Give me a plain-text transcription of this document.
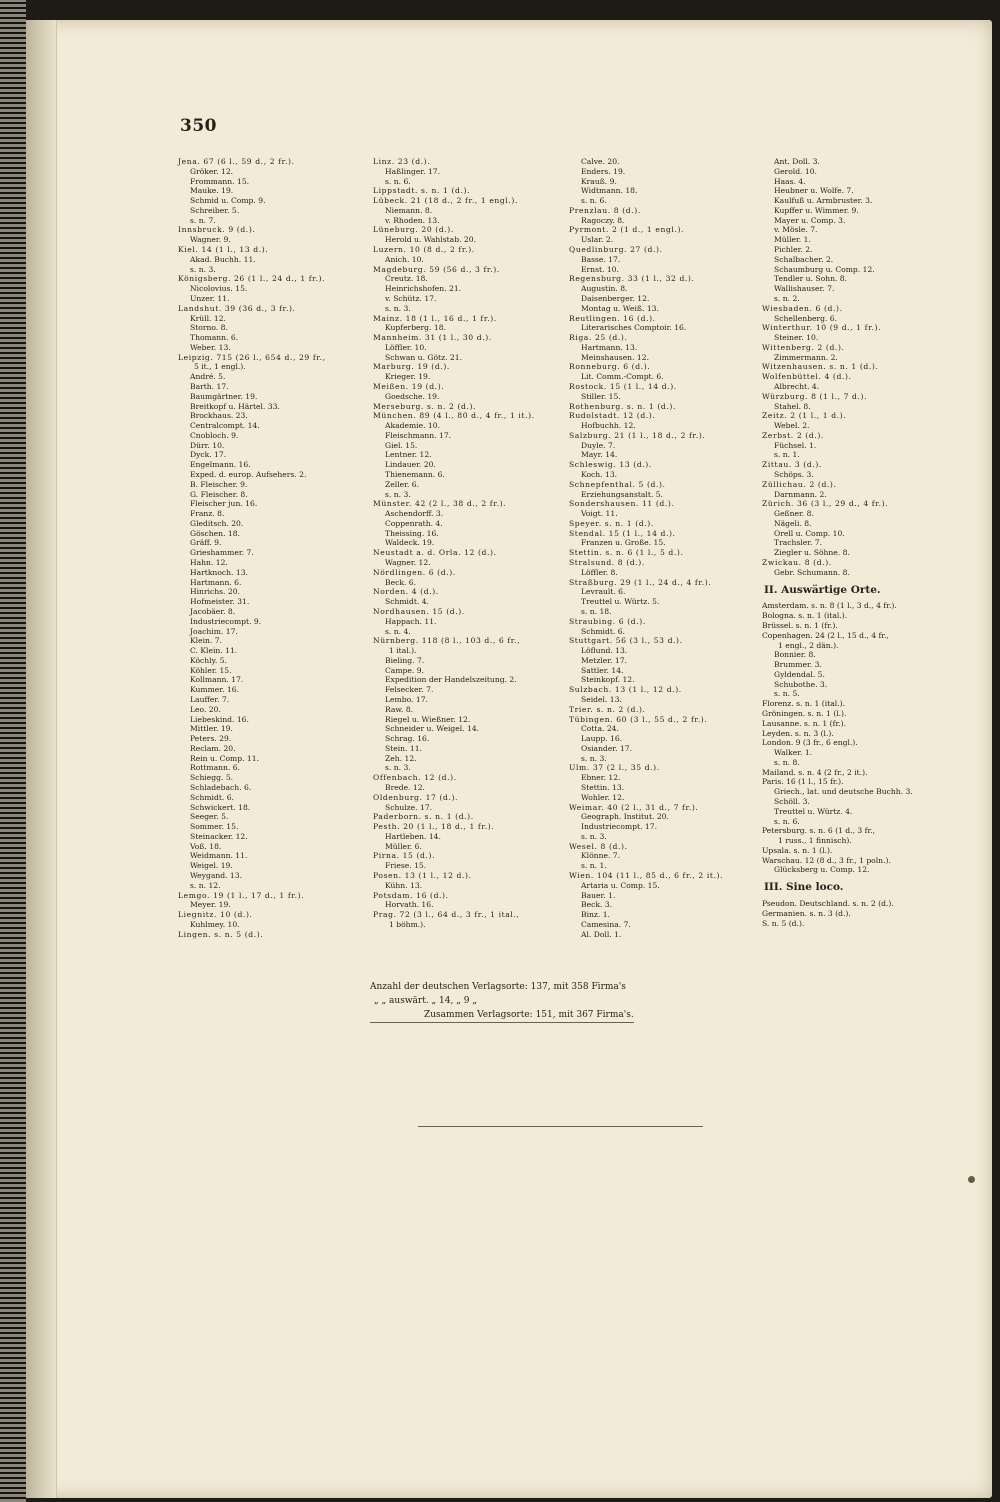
350
Jena. 67 (6 l., 59 d., 2 fr.).
Gröker. 12.
Frommann. 15.
Mauke. 19.
Schmid u. Comp. 9.
Schreiber. 5.
s. n. 7.
Innsbruck. 9 (d.).
Wagner. 9.
Kiel. 14 (1 l., 13 d.).
Akad. Buchh. 11.
s. n. 3.
Königsberg. 26 (1 l., 24 d., 1 fr.).
Nicolovius. 15.
Unzer. 11.
Landshut. 39 (36 d., 3 fr.).
Krüll. 12.
Storno. 8.
Thomann. 6.
Weber. 13.
Leipzig. 715 (26 l., 654 d., 29 fr.,
5 it., 1 engl.).
André. 5.
Barth. 17.
Baumgärtner. 19.
Breitkopf u. Härtel. 33.
Brockhaus. 23.
Centralcompt. 14.
Cnobloch. 9.
Dürr. 10.
Dyck. 17.
Engelmann. 16.
Exped. d. europ. Aufsehers. 2.
B. Fleischer. 9.
G. Fleischer. 8.
Fleischer jun. 16.
Franz. 8.
Gleditsch. 20.
Göschen. 18.
Gräff. 9.
Grieshammer. 7.
Hahn. 12.
Hartknoch. 13.
Hartmann. 6.
Hinrichs. 20.
Hofmeister. 31.
Jacobäer. 8.
Industriecompt. 9.
Joachim. 17.
Klein. 7.
C. Klein. 11.
Köchly. 5.
Köhler. 15.
Kollmann. 17.
Kummer. 16.
Lauffer. 7.
Leo. 20.
Liebeskind. 16.
Mittler. 19.
Peters. 29.
Reclam. 20.
Rein u. Comp. 11.
Rottmann. 6.
Schiegg. 5.
Schladebach. 6.
Schmidt. 6.
Schwickert. 18.
Seeger. 5.
Sommer. 15.
Steinacker. 12.
Voß. 18.
Weidmann. 11.
Weigel. 19.
Weygand. 13.
s. n. 12.
Lemgo. 19 (1 l., 17 d., 1 fr.).
Meyer. 19.
Liegnitz. 10 (d.).
Kuhlmey. 10.
Lingen. s. n. 5 (d.).
Linz. 23 (d.).
Haßlinger. 17.
s. n. 6.
Lippstadt. s. n. 1 (d.).
Lübeck. 21 (18 d., 2 fr., 1 engl.).
Niemann. 8.
v. Rhoden. 13.
Lüneburg. 20 (d.).
Herold u. Wahlstab. 20.
Luzern. 10 (8 d., 2 fr.).
Anich. 10.
Magdeburg. 59 (56 d., 3 fr.).
Creutz. 18.
Heinrichshofen. 21.
v. Schütz. 17.
s. n. 3.
Mainz. 18 (1 l., 16 d., 1 fr.).
Kupferberg. 18.
Mannheim. 31 (1 l., 30 d.).
Löffler. 10.
Schwan u. Götz. 21.
Marburg. 19 (d.).
Krieger. 19.
Meißen. 19 (d.).
Goedsche. 19.
Merseburg. s. n. 2 (d.).
München. 89 (4 l., 80 d., 4 fr., 1 it.).
Akademie. 10.
Fleischmann. 17.
Giel. 15.
Lentner. 12.
Lindauer. 20.
Thienemann. 6.
Zeller. 6.
s. n. 3.
Münster. 42 (2 l., 38 d., 2 fr.).
Aschendorff. 3.
Coppenrath. 4.
Theissing. 16.
Waldeck. 19.
Neustadt a. d. Orla. 12 (d.).
Wagner. 12.
Nördlingen. 6 (d.).
Beck. 6.
Norden. 4 (d.).
Schmidt. 4.
Nordhausen. 15 (d.).
Happach. 11.
s. n. 4.
Nürnberg. 118 (8 l., 103 d., 6 fr.,
1 ital.).
Bieling. 7.
Campe. 9.
Expedition der Handelszeitung. 2.
Felsecker. 7.
Lembo. 17.
Raw. 8.
Riegel u. Wießner. 12.
Schneider u. Weigel. 14.
Schrag. 16.
Stein. 11.
Zeh. 12.
s. n. 3.
Offenbach. 12 (d.).
Brede. 12.
Oldenburg. 17 (d.).
Schulze. 17.
Paderborn. s. n. 1 (d.).
Pesth. 20 (1 l., 18 d., 1 fr.).
Hartleben. 14.
Müller. 6.
Pirna. 15 (d.).
Friese. 15.
Posen. 13 (1 l., 12 d.).
Kühn. 13.
Potsdam. 16 (d.).
Horvath. 16.
Prag. 72 (3 l., 64 d., 3 fr., 1 ital.,
1 böhm.).
Calve. 20.
Enders. 19.
Krauß. 9.
Widtmann. 18.
s. n. 6.
Prenzlau. 8 (d.).
Ragoczy. 8.
Pyrmont. 2 (1 d., 1 engl.).
Uslar. 2.
Quedlinburg. 27 (d.).
Basse. 17.
Ernst. 10.
Regensburg. 33 (1 l., 32 d.).
Augustin. 8.
Daisenberger. 12.
Montag u. Weiß. 13.
Reutlingen. 16 (d.).
Literarisches Comptoir. 16.
Riga. 25 (d.).
Hartmann. 13.
Meinshausen. 12.
Ronneburg. 6 (d.).
Lit. Comm.-Compt. 6.
Rostock. 15 (1 l., 14 d.).
Stiller. 15.
Rothenburg. s. n. 1 (d.).
Rudolstadt. 12 (d.).
Hofbuchh. 12.
Salzburg. 21 (1 l., 18 d., 2 fr.).
Duyle. 7.
Mayr. 14.
Schleswig. 13 (d.).
Koch. 13.
Schnepfenthal. 5 (d.).
Erziehungsanstalt. 5.
Sondershausen. 11 (d.).
Voigt. 11.
Speyer. s. n. 1 (d.).
Stendal. 15 (1 l., 14 d.).
Franzen u. Große. 15.
Stettin. s. n. 6 (1 l., 5 d.).
Stralsund. 8 (d.).
Löffler. 8.
Straßburg. 29 (1 l., 24 d., 4 fr.).
Levrault. 6.
Treuttel u. Würtz. 5.
s. n. 18.
Straubing. 6 (d.).
Schmidt. 6.
Stuttgart. 56 (3 l., 53 d.).
Löflund. 13.
Metzler. 17.
Sattler. 14.
Steinkopf. 12.
Sulzbach. 13 (1 l., 12 d.).
Seidel. 13.
Trier. s. n. 2 (d.).
Tübingen. 60 (3 l., 55 d., 2 fr.).
Cotta. 24.
Laupp. 16.
Osiander. 17.
s. n. 3.
Ulm. 37 (2 l., 35 d.).
Ebner. 12.
Stettin. 13.
Wohler. 12.
Weimar. 40 (2 l., 31 d., 7 fr.).
Geograph. Institut. 20.
Industriecompt. 17.
s. n. 3.
Wesel. 8 (d.).
Klönne. 7.
s. n. 1.
Wien. 104 (11 l., 85 d., 6 fr., 2 it.).
Artaria u. Comp. 15.
Bauer. 1.
Beck. 3.
Binz. 1.
Camesina. 7.
Al. Doll. 1.
Ant. Doll. 3.
Gerold. 10.
Haas. 4.
Heubner u. Wolfe. 7.
Kaulfuß u. Armbruster. 3.
Kupffer u. Wimmer. 9.
Mayer u. Comp. 3.
v. Mösle. 7.
Müller. 1.
Pichler. 2.
Schalbacher. 2.
Schaumburg u. Comp. 12.
Tendler u. Sohn. 8.
Wallishauser. 7.
s. n. 2.
Wiesbaden. 6 (d.).
Schellenberg. 6.
Winterthur. 10 (9 d., 1 fr.).
Steiner. 10.
Wittenberg. 2 (d.).
Zimmermann. 2.
Witzenhausen. s. n. 1 (d.).
Wolfenbüttel. 4 (d.).
Albrecht. 4.
Würzburg. 8 (1 l., 7 d.).
Stahel. 8.
Zeitz. 2 (1 l., 1 d.).
Webel. 2.
Zerbst. 2 (d.).
Füchsel. 1.
s. n. 1.
Zittau. 3 (d.).
Schöps. 3.
Züllichau. 2 (d.).
Darnmann. 2.
Zürich. 36 (3 l., 29 d., 4 fr.).
Geßner. 8.
Nägeli. 8.
Orell u. Comp. 10.
Trachsler. 7.
Ziegler u. Söhne. 8.
Zwickau. 8 (d.).
Gebr. Schumann. 8.
II. Auswärtige Orte.
Amsterdam. s. n. 8 (1 l., 3 d., 4 fr.).
Bologna. s. n. 1 (ital.).
Brüssel. s. n. 1 (fr.).
Copenhagen. 24 (2 l., 15 d., 4 fr.,
1 engl., 2 dän.).
Bonnier. 8.
Brummer. 3.
Gyldendal. 5.
Schubothe. 3.
s. n. 5.
Florenz. s. n. 1 (ital.).
Gröningen. s. n. 1 (l.).
Lausanne. s. n. 1 (fr.).
Leyden. s. n. 3 (l.).
London. 9 (3 fr., 6 engl.).
Walker. 1.
s. n. 8.
Mailand. s. n. 4 (2 fr., 2 it.).
Paris. 16 (1 l., 15 fr.).
Griech., lat. und deutsche Buchh. 3.
Schöll. 3.
Treuttel u. Würtz. 4.
s. n. 6.
Petersburg. s. n. 6 (1 d., 3 fr.,
1 russ., 1 finnisch).
Upsala. s. n. 1 (l.).
Warschau. 12 (8 d., 3 fr., 1 poln.).
Glücksberg u. Comp. 12.
III. Sine loco.
Pseudon. Deutschland. s. n. 2 (d.).
Germanien. s. n. 3 (d.).
S. n. 5 (d.).
Anzahl der deutschen Verlagsorte: 137, mit 358 Firma's
„ „ auswärt. „ 14, „ 9 „
Zusammen Verlagsorte: 151, mit 367 Firma's.
